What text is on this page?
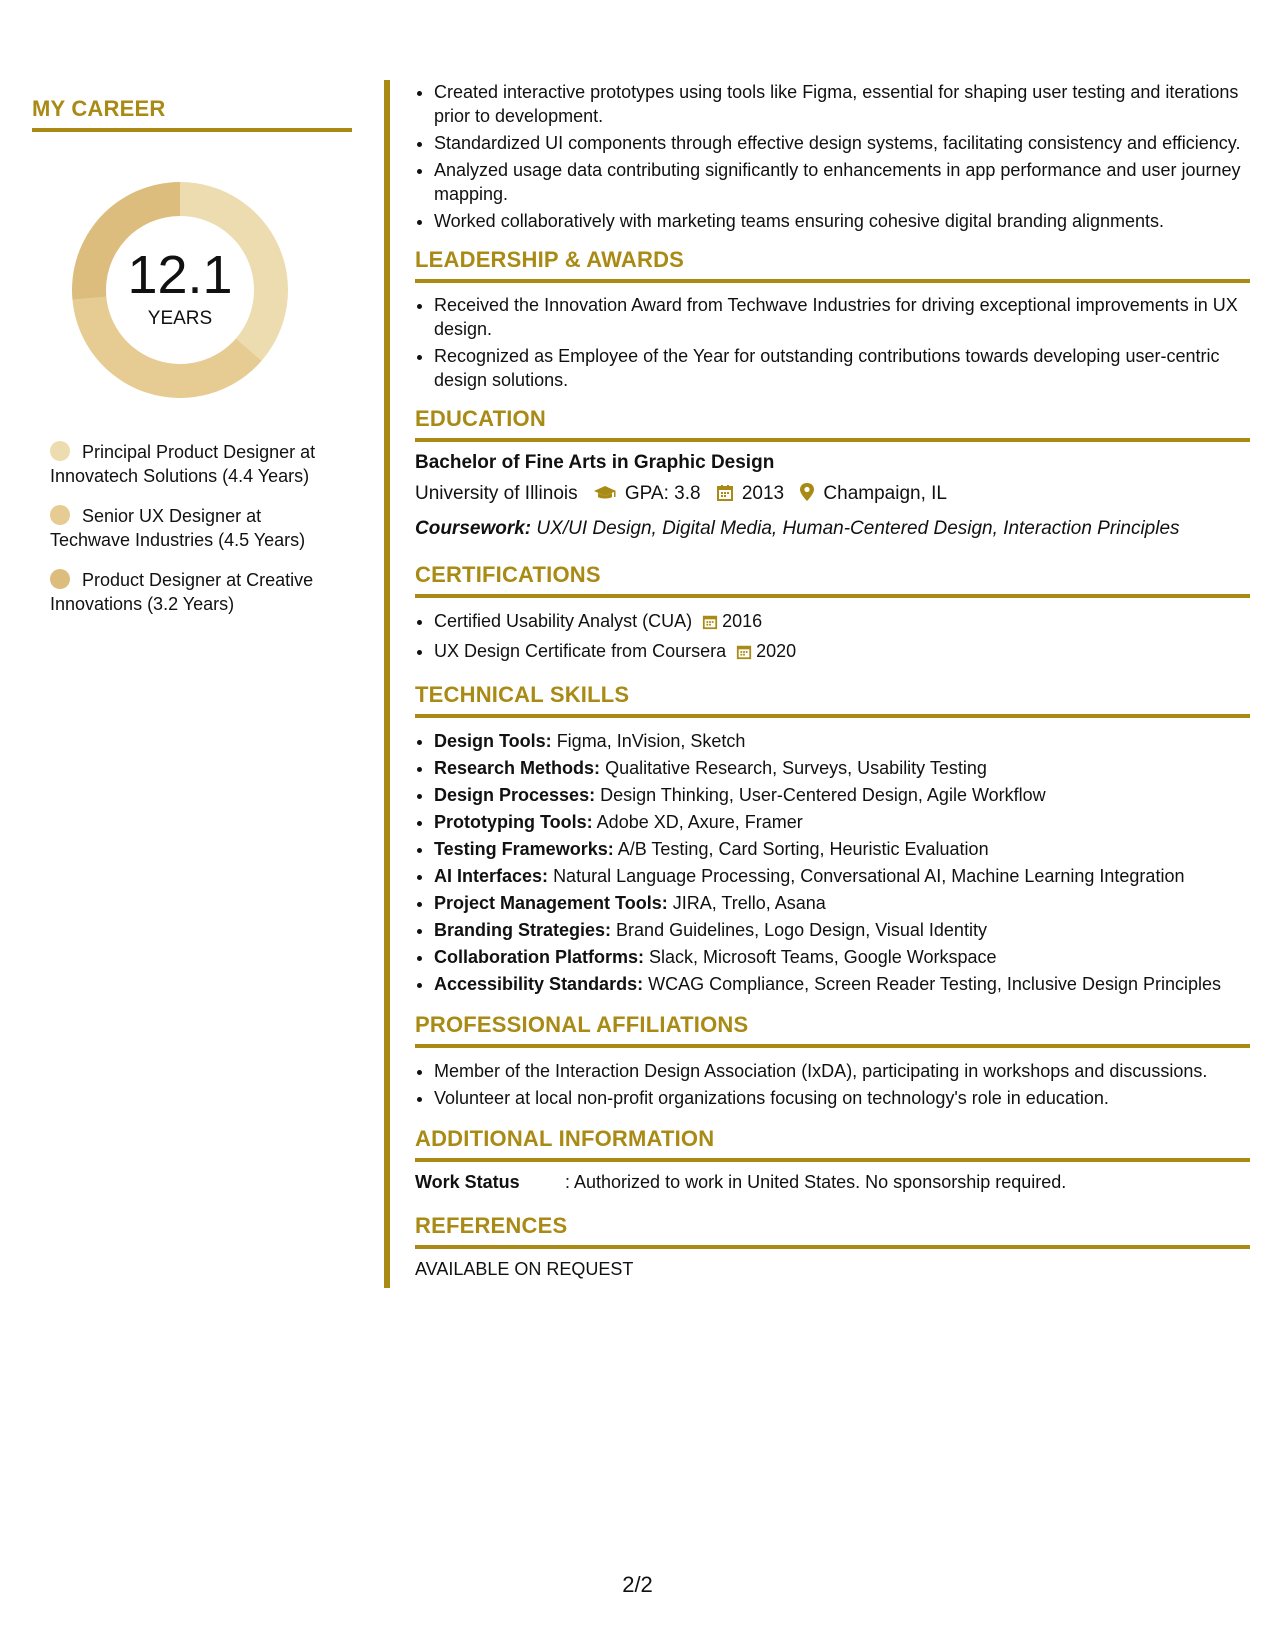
MY CAREER
12.1
YEARS
Principal Product Designer at Innovatech Solutions (4.4 Years)
Senior UX Designer at Techwave Industries (4.5 Years)
Product Designer at Creative Innovations (3.2 Years)
• Created interactive prototypes using tools like Figma, essential for shaping user testing and iterations prior to development.
• Standardized UI components through effective design systems, facilitating consistency and efficiency.
• Analyzed usage data contributing significantly to enhancements in app performance and user journey mapping.
• Worked collaboratively with marketing teams ensuring cohesive digital branding alignments.
LEADERSHIP & AWARDS
• Received the Innovation Award from Techwave Industries for driving exceptional improvements in UX design.
• Recognized as Employee of the Year for outstanding contributions towards developing user-centric design solutions.
EDUCATION
Bachelor of Fine Arts in Graphic Design
University of Illinois GPA: 3.8 2013 Champaign, IL
Coursework: UX/UI Design, Digital Media, Human-Centered Design, Interaction Principles
CERTIFICATIONS
• Certified Usability Analyst (CUA) 2016
• UX Design Certificate from Coursera 2020
TECHNICAL SKILLS
• Design Tools: Figma, InVision, Sketch
• Research Methods: Qualitative Research, Surveys, Usability Testing
• Design Processes: Design Thinking, User-Centered Design, Agile Workflow
• Prototyping Tools: Adobe XD, Axure, Framer
• Testing Frameworks: A/B Testing, Card Sorting, Heuristic Evaluation
• AI Interfaces: Natural Language Processing, Conversational AI, Machine Learning Integration
• Project Management Tools: JIRA, Trello, Asana
• Branding Strategies: Brand Guidelines, Logo Design, Visual Identity
• Collaboration Platforms: Slack, Microsoft Teams, Google Workspace
• Accessibility Standards: WCAG Compliance, Screen Reader Testing, Inclusive Design Principles
PROFESSIONAL AFFILIATIONS
• Member of the Interaction Design Association (IxDA), participating in workshops and discussions.
• Volunteer at local non-profit organizations focusing on technology's role in education.
ADDITIONAL INFORMATION
Work Status	: Authorized to work in United States. No sponsorship required.
REFERENCES
AVAILABLE ON REQUEST
2/2
